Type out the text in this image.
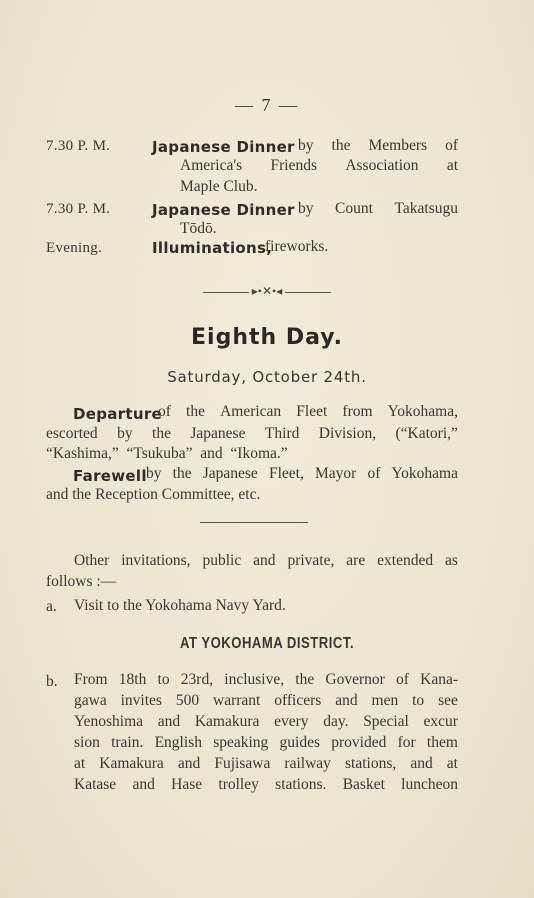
— 7 —
7.30 P. M.	Japanese Dinner by the Members of
America's Friends Association at
Maple Club.
7.30 P. M.	Japanese Dinner by Count Takatsugu
Tōdō.
Evening.	Illuminations,
fireworks.
▸•✕•◂
Eighth Day.
Saturday, October 24th.
Departure
of the American Fleet from Yokohama,
escorted by the Japanese Third Division, (“Katori,”
“Kashima,”  “Tsukuba”  and  “Ikoma.”
Farewell by the Japanese Fleet, Mayor of Yokohama
and the Reception Committee, etc.
Other invitations, public and private, are extended as
follows :—
a. Visit to the Yokohama Navy Yard.
AT YOKOHAMA DISTRICT.
b. From 18th to 23rd, inclusive, the Governor of Kana-
gawa invites 500 warrant officers and men to see
Yenoshima and Kamakura every day. Special excur
sion train. English speaking guides provided for them
at Kamakura and Fujisawa railway stations, and at
Katase and Hase trolley stations. Basket luncheon
